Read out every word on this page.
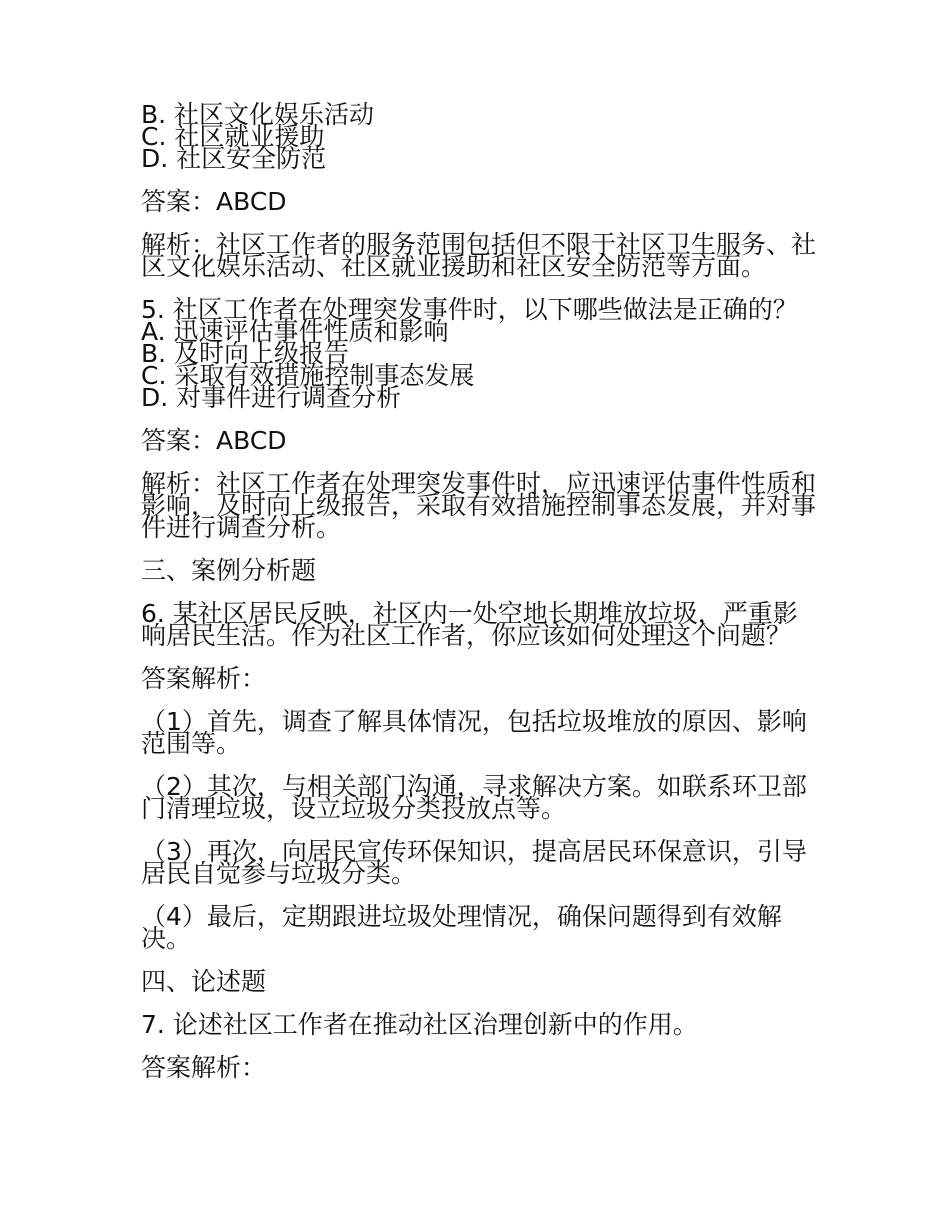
B. 社区文化娱乐活动
C. 社区就业援助
D. 社区安全防范
答案：ABCD
解析：社区工作者的服务范围包括但不限于社区卫生服务、社
区文化娱乐活动、社区就业援助和社区安全防范等方面。
5. 社区工作者在处理突发事件时，以下哪些做法是正确的？
A. 迅速评估事件性质和影响
B. 及时向上级报告
C. 采取有效措施控制事态发展
D. 对事件进行调查分析
答案：ABCD
解析：社区工作者在处理突发事件时，应迅速评估事件性质和
影响，及时向上级报告，采取有效措施控制事态发展，并对事
件进行调查分析。
三、案例分析题
6. 某社区居民反映，社区内一处空地长期堆放垃圾，严重影
响居民生活。作为社区工作者，你应该如何处理这个问题？
答案解析：
（1）首先，调查了解具体情况，包括垃圾堆放的原因、影响
范围等。
（2）其次，与相关部门沟通，寻求解决方案。如联系环卫部
门清理垃圾，设立垃圾分类投放点等。
（3）再次，向居民宣传环保知识，提高居民环保意识，引导
居民自觉参与垃圾分类。
（4）最后，定期跟进垃圾处理情况，确保问题得到有效解
决。
四、论述题
7. 论述社区工作者在推动社区治理创新中的作用。
答案解析：
